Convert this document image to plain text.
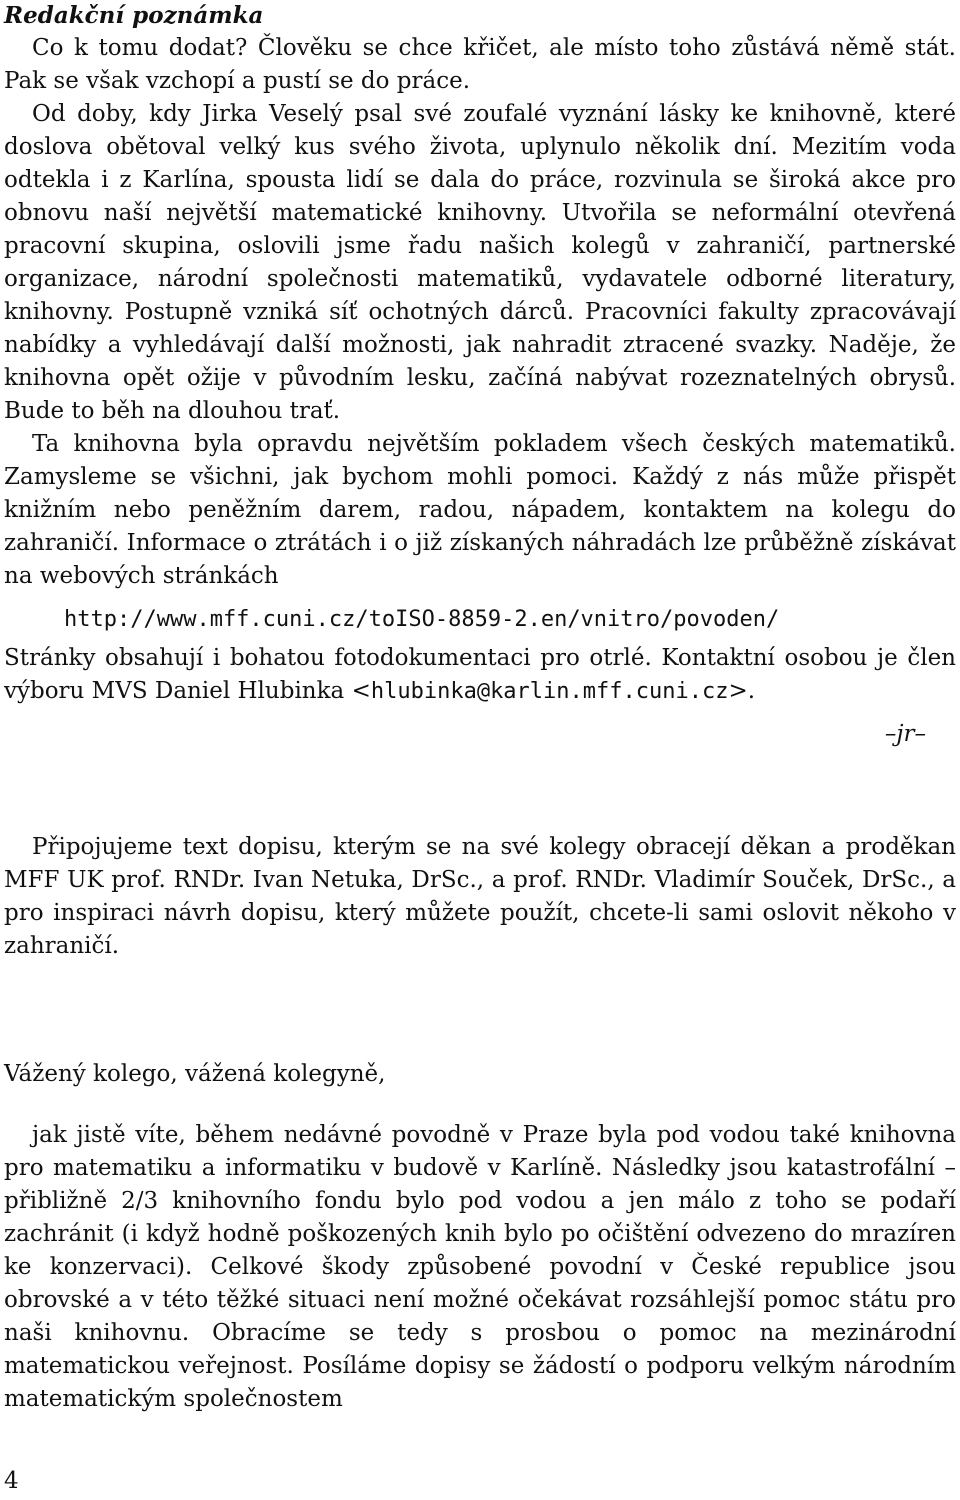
Redakční poznámka

Co k tomu dodat? Člověku se chce křičet, ale místo toho zůstává němě stát. Pak se však vzchopí a pustí se do práce.

Od doby, kdy Jirka Veselý psal své zoufalé vyznání lásky ke knihovně, které doslova obětoval velký kus svého života, uplynulo několik dní. Mezitím voda odtekla i z Karlína, spousta lidí se dala do práce, rozvinula se široká akce pro obnovu naší největší matematické knihovny. Utvořila se neformální otevřená pracovní skupina, oslovili jsme řadu našich kolegů v zahraničí, partnerské organizace, národní společnosti matematiků, vydavatele odborné literatury, knihovny. Postupně vzniká síť ochotných dárců. Pracovníci fakulty zpracovávají nabídky a vyhledávají další možnosti, jak nahradit ztracené svazky. Naděje, že knihovna opět ožije v původním lesku, začíná nabývat rozeznatelných obrysů. Bude to běh na dlouhou trať.

Ta knihovna byla opravdu největším pokladem všech českých matematiků. Zamysleme se všichni, jak bychom mohli pomoci. Každý z nás může přispět knižním nebo peněžním darem, radou, nápadem, kontaktem na kolegu do zahraničí. Informace o ztrátách i o již získaných náhradách lze průběžně získávat na webových stránkách

http://www.mff.cuni.cz/toISO-8859-2.en/vnitro/povoden/

Stránky obsahují i bohatou fotodokumentaci pro otrlé. Kontaktní osobou je člen výboru MVS Daniel Hlubinka <hlubinka@karlin.mff.cuni.cz>.

–jr–

Připojujeme text dopisu, kterým se na své kolegy obracejí děkan a proděkan MFF UK prof. RNDr. Ivan Netuka, DrSc., a prof. RNDr. Vladimír Souček, DrSc., a pro inspiraci návrh dopisu, který můžete použít, chcete-li sami oslovit někoho v zahraničí.

Vážený kolego, vážená kolegyně,

jak jistě víte, během nedávné povodně v Praze byla pod vodou také knihovna pro matematiku a informatiku v budově v Karlíně. Následky jsou katastrofální – přibližně 2/3 knihovního fondu bylo pod vodou a jen málo z toho se podaří zachránit (i když hodně poškozených knih bylo po očištění odvezeno do mrazíren ke konzervaci). Celkové škody způsobené povodní v České republice jsou obrovské a v této těžké situaci není možné očekávat rozsáhlejší pomoc státu pro naši knihovnu. Obracíme se tedy s prosbou o pomoc na mezinárodní matematickou veřejnost. Posíláme dopisy se žádostí o podporu velkým národním matematickým společnostem

4
